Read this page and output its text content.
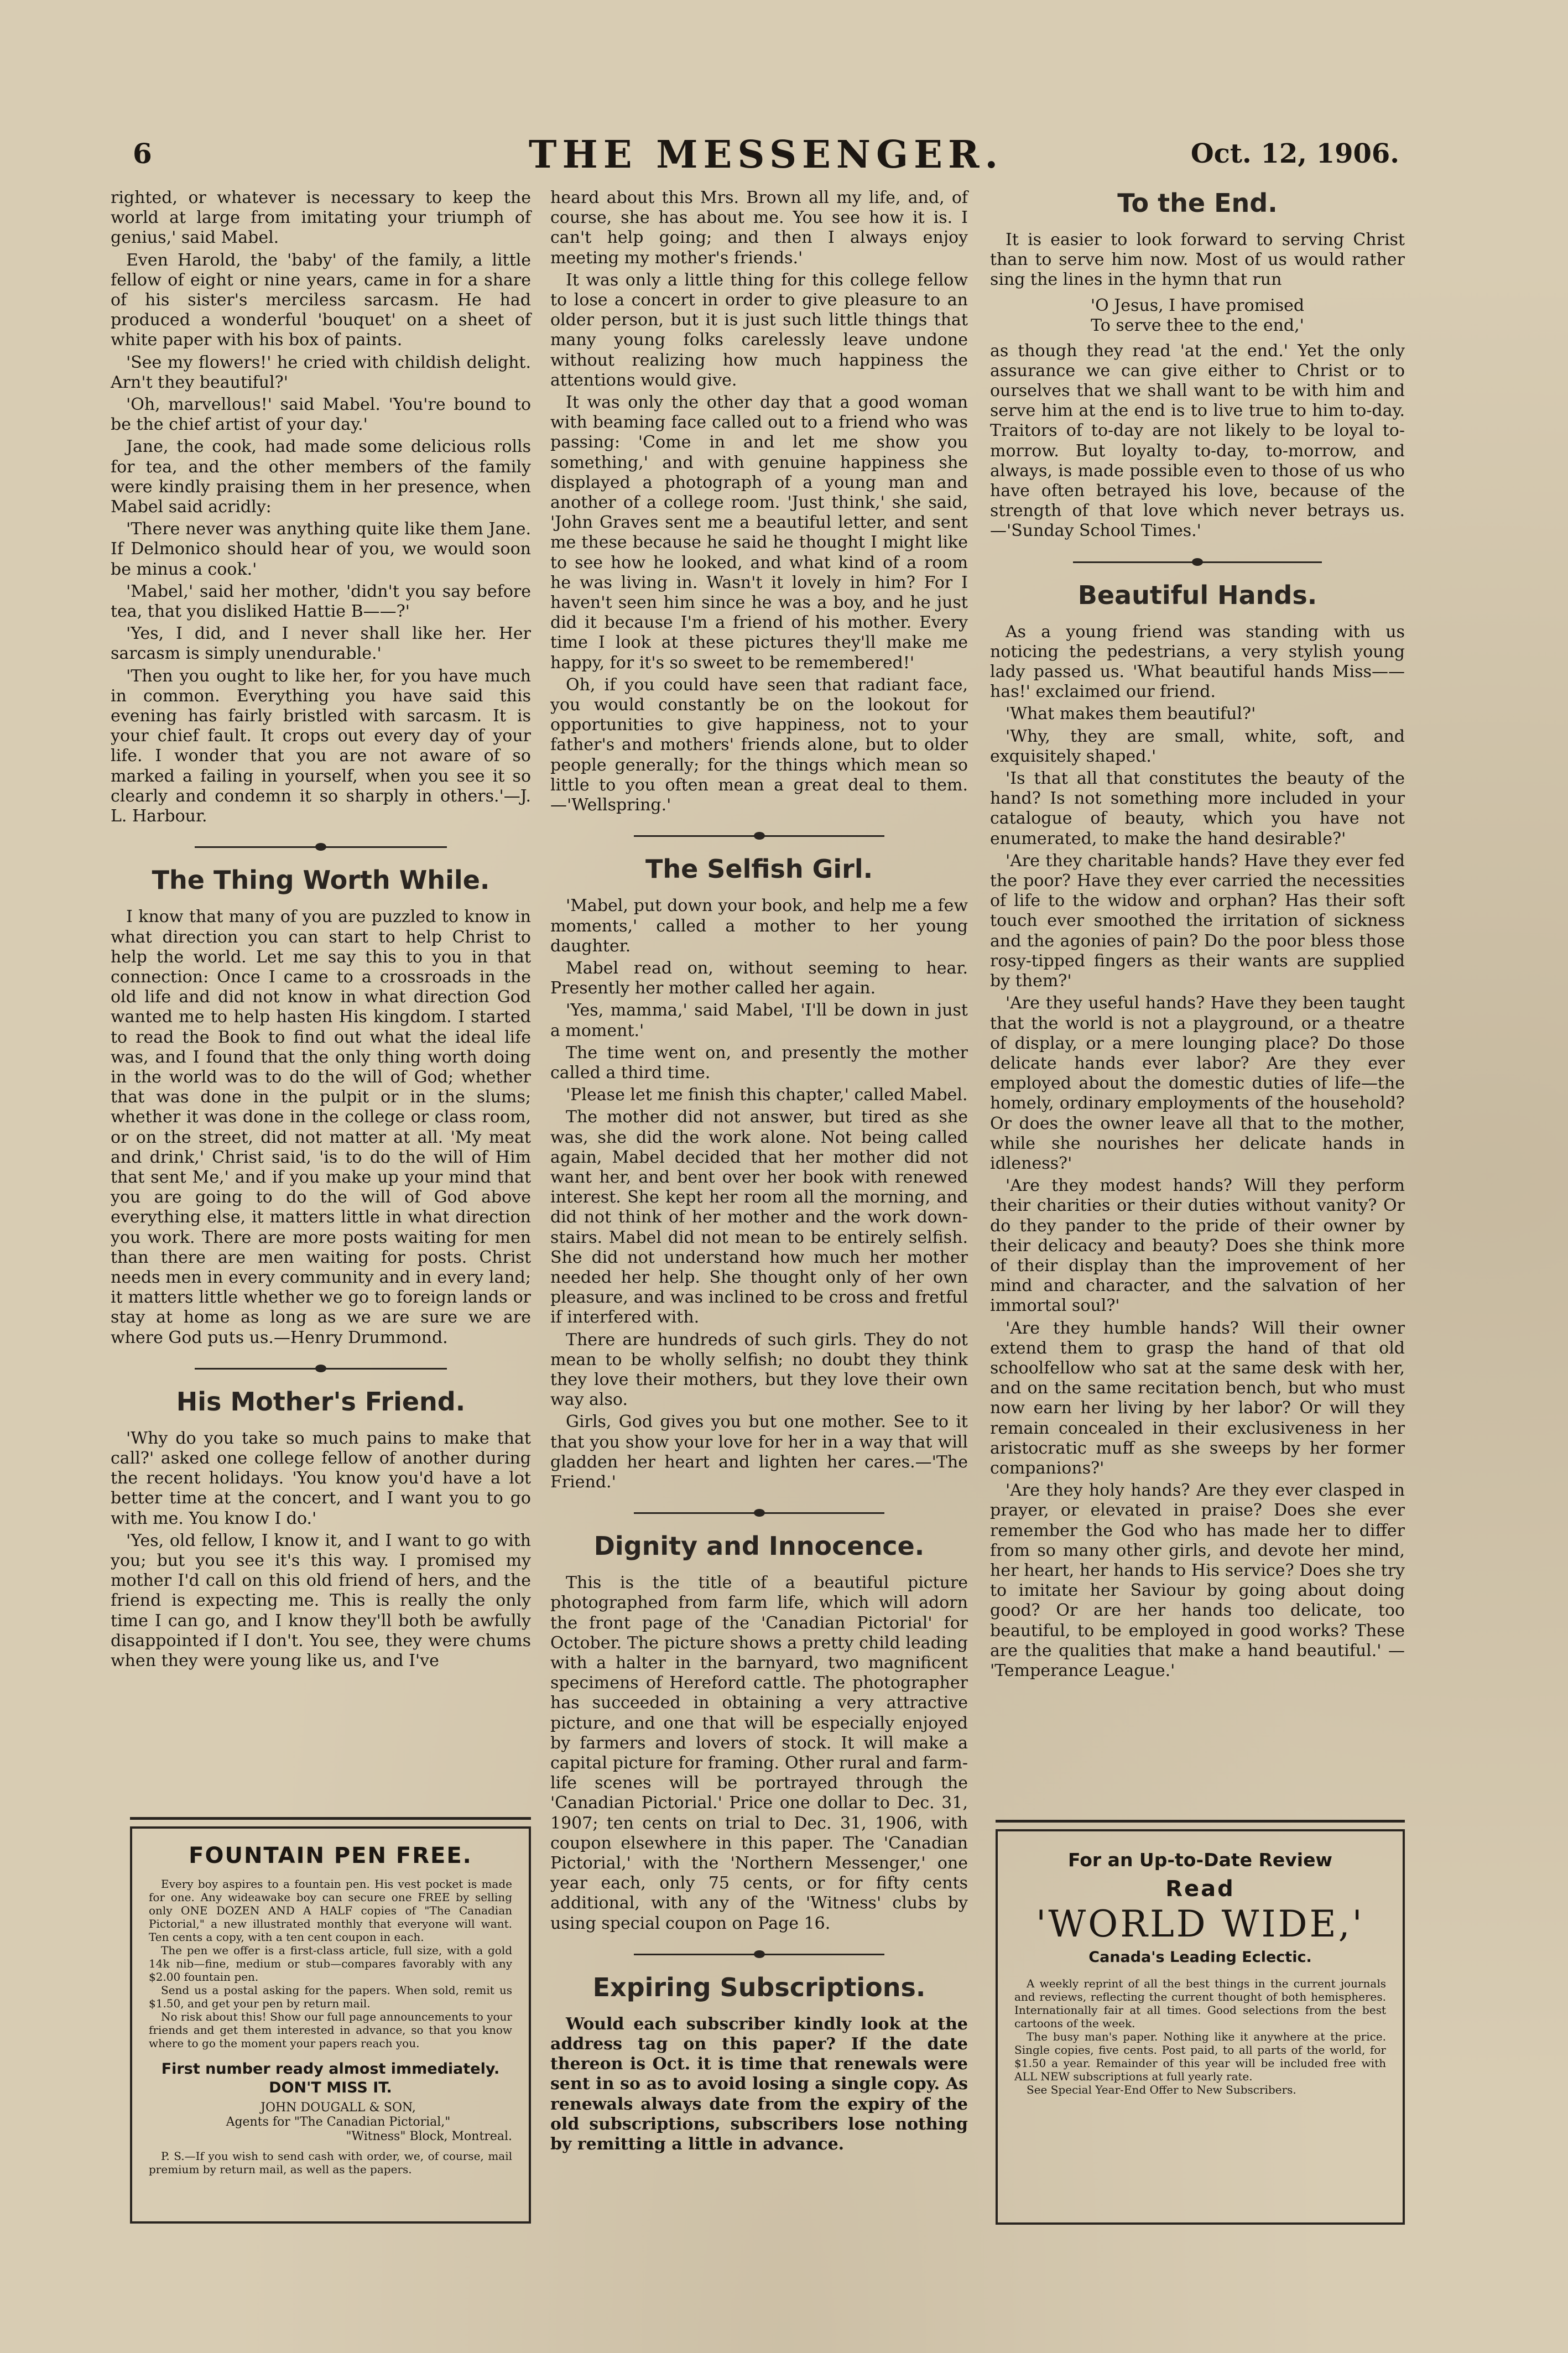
6	THE MESSENGER.	Oct. 12, 1906.

righted, or whatever is necessary to keep the world at large from imitating your triumph of genius,' said Mabel.

Even Harold, the 'baby' of the family, a little fellow of eight or nine years, came in for a share of his sister's merciless sarcasm. He had produced a wonderful 'bouquet' on a sheet of white paper with his box of paints.

'See my flowers!' he cried with childish delight. Arn't they beautiful?'

'Oh, marvellous!' said Mabel. 'You're bound to be the chief artist of your day.'

Jane, the cook, had made some delicious rolls for tea, and the other members of the family were kindly praising them in her presence, when Mabel said acridly:

'There never was anything quite like them Jane. If Delmonico should hear of you, we would soon be minus a cook.'

'Mabel,' said her mother, 'didn't you say before tea, that you disliked Hattie B——?'

'Yes, I did, and I never shall like her. Her sarcasm is simply unendurable.'

'Then you ought to like her, for you have much in common. Everything you have said this evening has fairly bristled with sarcasm. It is your chief fault. It crops out every day of your life. I wonder that you are not aware of so marked a failing in yourself, when you see it so clearly and condemn it so sharply in others.'—J. L. Harbour.

The Thing Worth While.

I know that many of you are puzzled to know in what direction you can start to help Christ to help the world. Let me say this to you in that connection: Once I came to a crossroads in the old life and did not know in what direction God wanted me to help hasten His kingdom. I started to read the Book to find out what the ideal life was, and I found that the only thing worth doing in the world was to do the will of God; whether that was done in the pulpit or in the slums; whether it was done in the college or class room, or on the street, did not matter at all. 'My meat and drink,' Christ said, 'is to do the will of Him that sent Me,' and if you make up your mind that you are going to do the will of God above everything else, it matters little in what direction you work. There are more posts waiting for men than there are men waiting for posts. Christ needs men in every community and in every land; it matters little whether we go to foreign lands or stay at home as long as we are sure we are where God puts us.—Henry Drummond.

His Mother's Friend.

'Why do you take so much pains to make that call?' asked one college fellow of another during the recent holidays. 'You know you'd have a lot better time at the concert, and I want you to go with me. You know I do.'

'Yes, old fellow, I know it, and I want to go with you; but you see it's this way. I promised my mother I'd call on this old friend of hers, and the friend is expecting me. This is really the only time I can go, and I know they'll both be awfully disappointed if I don't. You see, they were chums when they were young like us, and I've

heard about this Mrs. Brown all my life, and, of course, she has about me. You see how it is. I can't help going; and then I always enjoy meeting my mother's friends.'

It was only a little thing for this college fellow to lose a concert in order to give pleasure to an older person, but it is just such little things that many young folks carelessly leave undone without realizing how much happiness the attentions would give.

It was only the other day that a good woman with beaming face called out to a friend who was passing: 'Come in and let me show you something,' and with genuine happiness she displayed a photograph of a young man and another of a college room. 'Just think,' she said, 'John Graves sent me a beautiful letter, and sent me these because he said he thought I might like to see how he looked, and what kind of a room he was living in. Wasn't it lovely in him? For I haven't seen him since he was a boy, and he just did it because I'm a friend of his mother. Every time I look at these pictures they'll make me happy, for it's so sweet to be remembered!'

Oh, if you could have seen that radiant face, you would constantly be on the lookout for opportunities to give happiness, not to your father's and mothers' friends alone, but to older people generally; for the things which mean so little to you often mean a great deal to them.—'Wellspring.'

The Selfish Girl.

'Mabel, put down your book, and help me a few moments,' called a mother to her young daughter.

Mabel read on, without seeming to hear. Presently her mother called her again.

'Yes, mamma,' said Mabel, 'I'll be down in just a moment.'

The time went on, and presently the mother called a third time.

'Please let me finish this chapter,' called Mabel.

The mother did not answer, but tired as she was, she did the work alone. Not being called again, Mabel decided that her mother did not want her, and bent over her book with renewed interest. She kept her room all the morning, and did not think of her mother and the work down-stairs. Mabel did not mean to be entirely selfish. She did not understand how much her mother needed her help. She thought only of her own pleasure, and was inclined to be cross and fretful if interfered with.

There are hundreds of such girls. They do not mean to be wholly selfish; no doubt they think they love their mothers, but they love their own way also.

Girls, God gives you but one mother. See to it that you show your love for her in a way that will gladden her heart and lighten her cares.—'The Friend.'

Dignity and Innocence.

This is the title of a beautiful picture photographed from farm life, which will adorn the front page of the 'Canadian Pictorial' for October. The picture shows a pretty child leading with a halter in the barnyard, two magnificent specimens of Hereford cattle. The photographer has succeeded in obtaining a very attractive picture, and one that will be especially enjoyed by farmers and lovers of stock. It will make a capital picture for framing. Other rural and farm-life scenes will be portrayed through the 'Canadian Pictorial.' Price one dollar to Dec. 31, 1907; ten cents on trial to Dec. 31, 1906, with coupon elsewhere in this paper. The 'Canadian Pictorial,' with the 'Northern Messenger,' one year each, only 75 cents, or for fifty cents additional, with any of the 'Witness' clubs by using special coupon on Page 16.

Expiring Subscriptions.

Would each subscriber kindly look at the address tag on this paper? If the date thereon is Oct. it is time that renewals were sent in so as to avoid losing a single copy. As renewals always date from the expiry of the old subscriptions, subscribers lose nothing by remitting a little in advance.

To the End.

It is easier to look forward to serving Christ than to serve him now. Most of us would rather sing the lines in the hymn that run

'O Jesus, I have promised
To serve thee to the end,'

as though they read 'at the end.' Yet the only assurance we can give either to Christ or to ourselves that we shall want to be with him and serve him at the end is to live true to him to-day. Traitors of to-day are not likely to be loyal to-morrow. But loyalty to-day, to-morrow, and always, is made possible even to those of us who have often betrayed his love, because of the strength of that love which never betrays us.—'Sunday School Times.'

Beautiful Hands.

As a young friend was standing with us noticing the pedestrians, a very stylish young lady passed us. 'What beautiful hands Miss—— has!' exclaimed our friend.

'What makes them beautiful?'

'Why, they are small, white, soft, and exquisitely shaped.'

'Is that all that constitutes the beauty of the hand? Is not something more included in your catalogue of beauty, which you have not enumerated, to make the hand desirable?'

'Are they charitable hands? Have they ever fed the poor? Have they ever carried the necessities of life to the widow and orphan? Has their soft touch ever smoothed the irritation of sickness and the agonies of pain? Do the poor bless those rosy-tipped fingers as their wants are supplied by them?'

'Are they useful hands? Have they been taught that the world is not a playground, or a theatre of display, or a mere lounging place? Do those delicate hands ever labor? Are they ever employed about the domestic duties of life—the homely, ordinary employments of the household? Or does the owner leave all that to the mother, while she nourishes her delicate hands in idleness?'

'Are they modest hands? Will they perform their charities or their duties without vanity? Or do they pander to the pride of their owner by their delicacy and beauty? Does she think more of their display than the improvement of her mind and character, and the salvation of her immortal soul?'

'Are they humble hands? Will their owner extend them to grasp the hand of that old schoolfellow who sat at the same desk with her, and on the same recitation bench, but who must now earn her living by her labor? Or will they remain concealed in their exclusiveness in her aristocratic muff as she sweeps by her former companions?'

'Are they holy hands? Are they ever clasped in prayer, or elevated in praise? Does she ever remember the God who has made her to differ from so many other girls, and devote her mind, her heart, her hands to His service? Does she try to imitate her Saviour by going about doing good? Or are her hands too delicate, too beautiful, to be employed in good works? These are the qualities that make a hand beautiful.' — 'Temperance League.'

FOUNTAIN PEN FREE.

Every boy aspires to a fountain pen. His vest pocket is made for one. Any wideawake boy can secure one FREE by selling only ONE DOZEN AND A HALF copies of "The Canadian Pictorial," a new illustrated monthly that everyone will want. Ten cents a copy, with a ten cent coupon in each.

The pen we offer is a first-class article, full size, with a gold 14k nib—fine, medium or stub—compares favorably with any $2.00 fountain pen.

Send us a postal asking for the papers. When sold, remit us $1.50, and get your pen by return mail.

No risk about this! Show our full page announcements to your friends and get them interested in advance, so that you know where to go the moment your papers reach you.

First number ready almost immediately. DON'T MISS IT.

JOHN DOUGALL & SON,

Agents for "The Canadian Pictorial,"

"Witness" Block, Montreal.

P. S.—If you wish to send cash with order, we, of course, mail premium by return mail, as well as the papers.

For an Up-to-Date Review
Read
'WORLD WIDE,'
Canada's Leading Eclectic.

A weekly reprint of all the best things in the current journals and reviews, reflecting the current thought of both hemispheres. Internationally fair at all times. Good selections from the best cartoons of the week.

The busy man's paper. Nothing like it anywhere at the price. Single copies, five cents. Post paid, to all parts of the world, for $1.50 a year. Remainder of this year will be included free with ALL NEW subscriptions at full yearly rate.

See Special Year-End Offer to New Subscribers.
